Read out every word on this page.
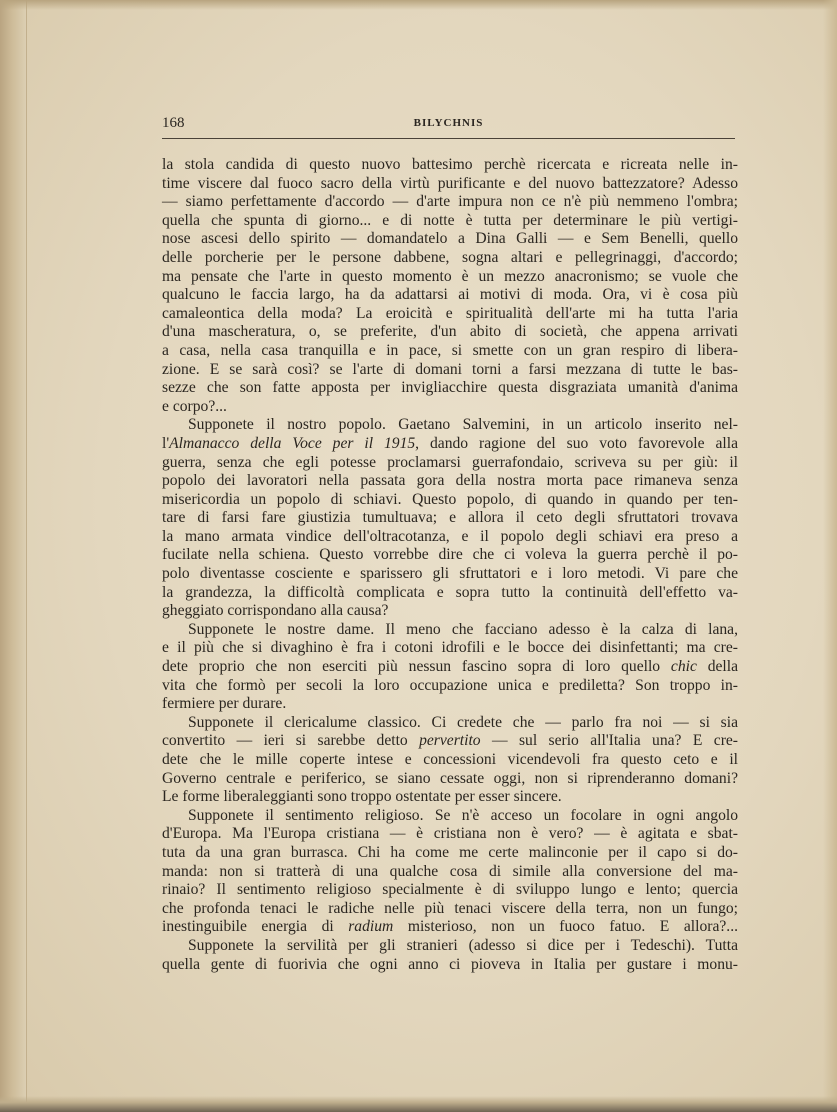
168	BILYCHNIS
la stola candida di questo nuovo battesimo perchè ricercata e ricreata nelle in-
time viscere dal fuoco sacro della virtù purificante e del nuovo battezzatore? Adesso
— siamo perfettamente d'accordo — d'arte impura non ce n'è più nemmeno l'ombra;
quella che spunta di giorno... e di notte è tutta per determinare le più vertigi-
nose ascesi dello spirito — domandatelo a Dina Galli — e Sem Benelli, quello
delle porcherie per le persone dabbene, sogna altari e pellegrinaggi, d'accordo;
ma pensate che l'arte in questo momento è un mezzo anacronismo; se vuole che
qualcuno le faccia largo, ha da adattarsi ai motivi di moda. Ora, vi è cosa più
camaleontica della moda? La eroicità e spiritualità dell'arte mi ha tutta l'aria
d'una mascheratura, o, se preferite, d'un abito di società, che appena arrivati
a casa, nella casa tranquilla e in pace, si smette con un gran respiro di libera-
zione. E se sarà così? se l'arte di domani torni a farsi mezzana di tutte le bas-
sezze che son fatte apposta per invigliacchire questa disgraziata umanità d'anima
e corpo?...
Supponete il nostro popolo. Gaetano Salvemini, in un articolo inserito nel-
l'Almanacco della Voce per il 1915, dando ragione del suo voto favorevole alla
guerra, senza che egli potesse proclamarsi guerrafondaio, scriveva su per giù: il
popolo dei lavoratori nella passata gora della nostra morta pace rimaneva senza
misericordia un popolo di schiavi. Questo popolo, di quando in quando per ten-
tare di farsi fare giustizia tumultuava; e allora il ceto degli sfruttatori trovava
la mano armata vindice dell'oltracotanza, e il popolo degli schiavi era preso a
fucilate nella schiena. Questo vorrebbe dire che ci voleva la guerra perchè il po-
polo diventasse cosciente e sparissero gli sfruttatori e i loro metodi. Vi pare che
la grandezza, la difficoltà complicata e sopra tutto la continuità dell'effetto va-
gheggiato corrispondano alla causa?
Supponete le nostre dame. Il meno che facciano adesso è la calza di lana,
e il più che si divaghino è fra i cotoni idrofili e le bocce dei disinfettanti; ma cre-
dete proprio che non eserciti più nessun fascino sopra di loro quello chic della
vita che formò per secoli la loro occupazione unica e prediletta? Son troppo in-
fermiere per durare.
Supponete il clericalume classico. Ci credete che — parlo fra noi — si sia
convertito — ieri si sarebbe detto pervertito — sul serio all'Italia una? E cre-
dete che le mille coperte intese e concessioni vicendevoli fra questo ceto e il
Governo centrale e periferico, se siano cessate oggi, non si riprenderanno domani?
Le forme liberaleggianti sono troppo ostentate per esser sincere.
Supponete il sentimento religioso. Se n'è acceso un focolare in ogni angolo
d'Europa. Ma l'Europa cristiana — è cristiana non è vero? — è agitata e sbat-
tuta da una gran burrasca. Chi ha come me certe malinconie per il capo si do-
manda: non si tratterà di una qualche cosa di simile alla conversione del ma-
rinaio? Il sentimento religioso specialmente è di sviluppo lungo e lento; quercia
che profonda tenaci le radiche nelle più tenaci viscere della terra, non un fungo;
inestinguibile energia di radium misterioso, non un fuoco fatuo. E allora?...
Supponete la servilità per gli stranieri (adesso si dice per i Tedeschi). Tutta
quella gente di fuorivia che ogni anno ci pioveva in Italia per gustare i monu-
